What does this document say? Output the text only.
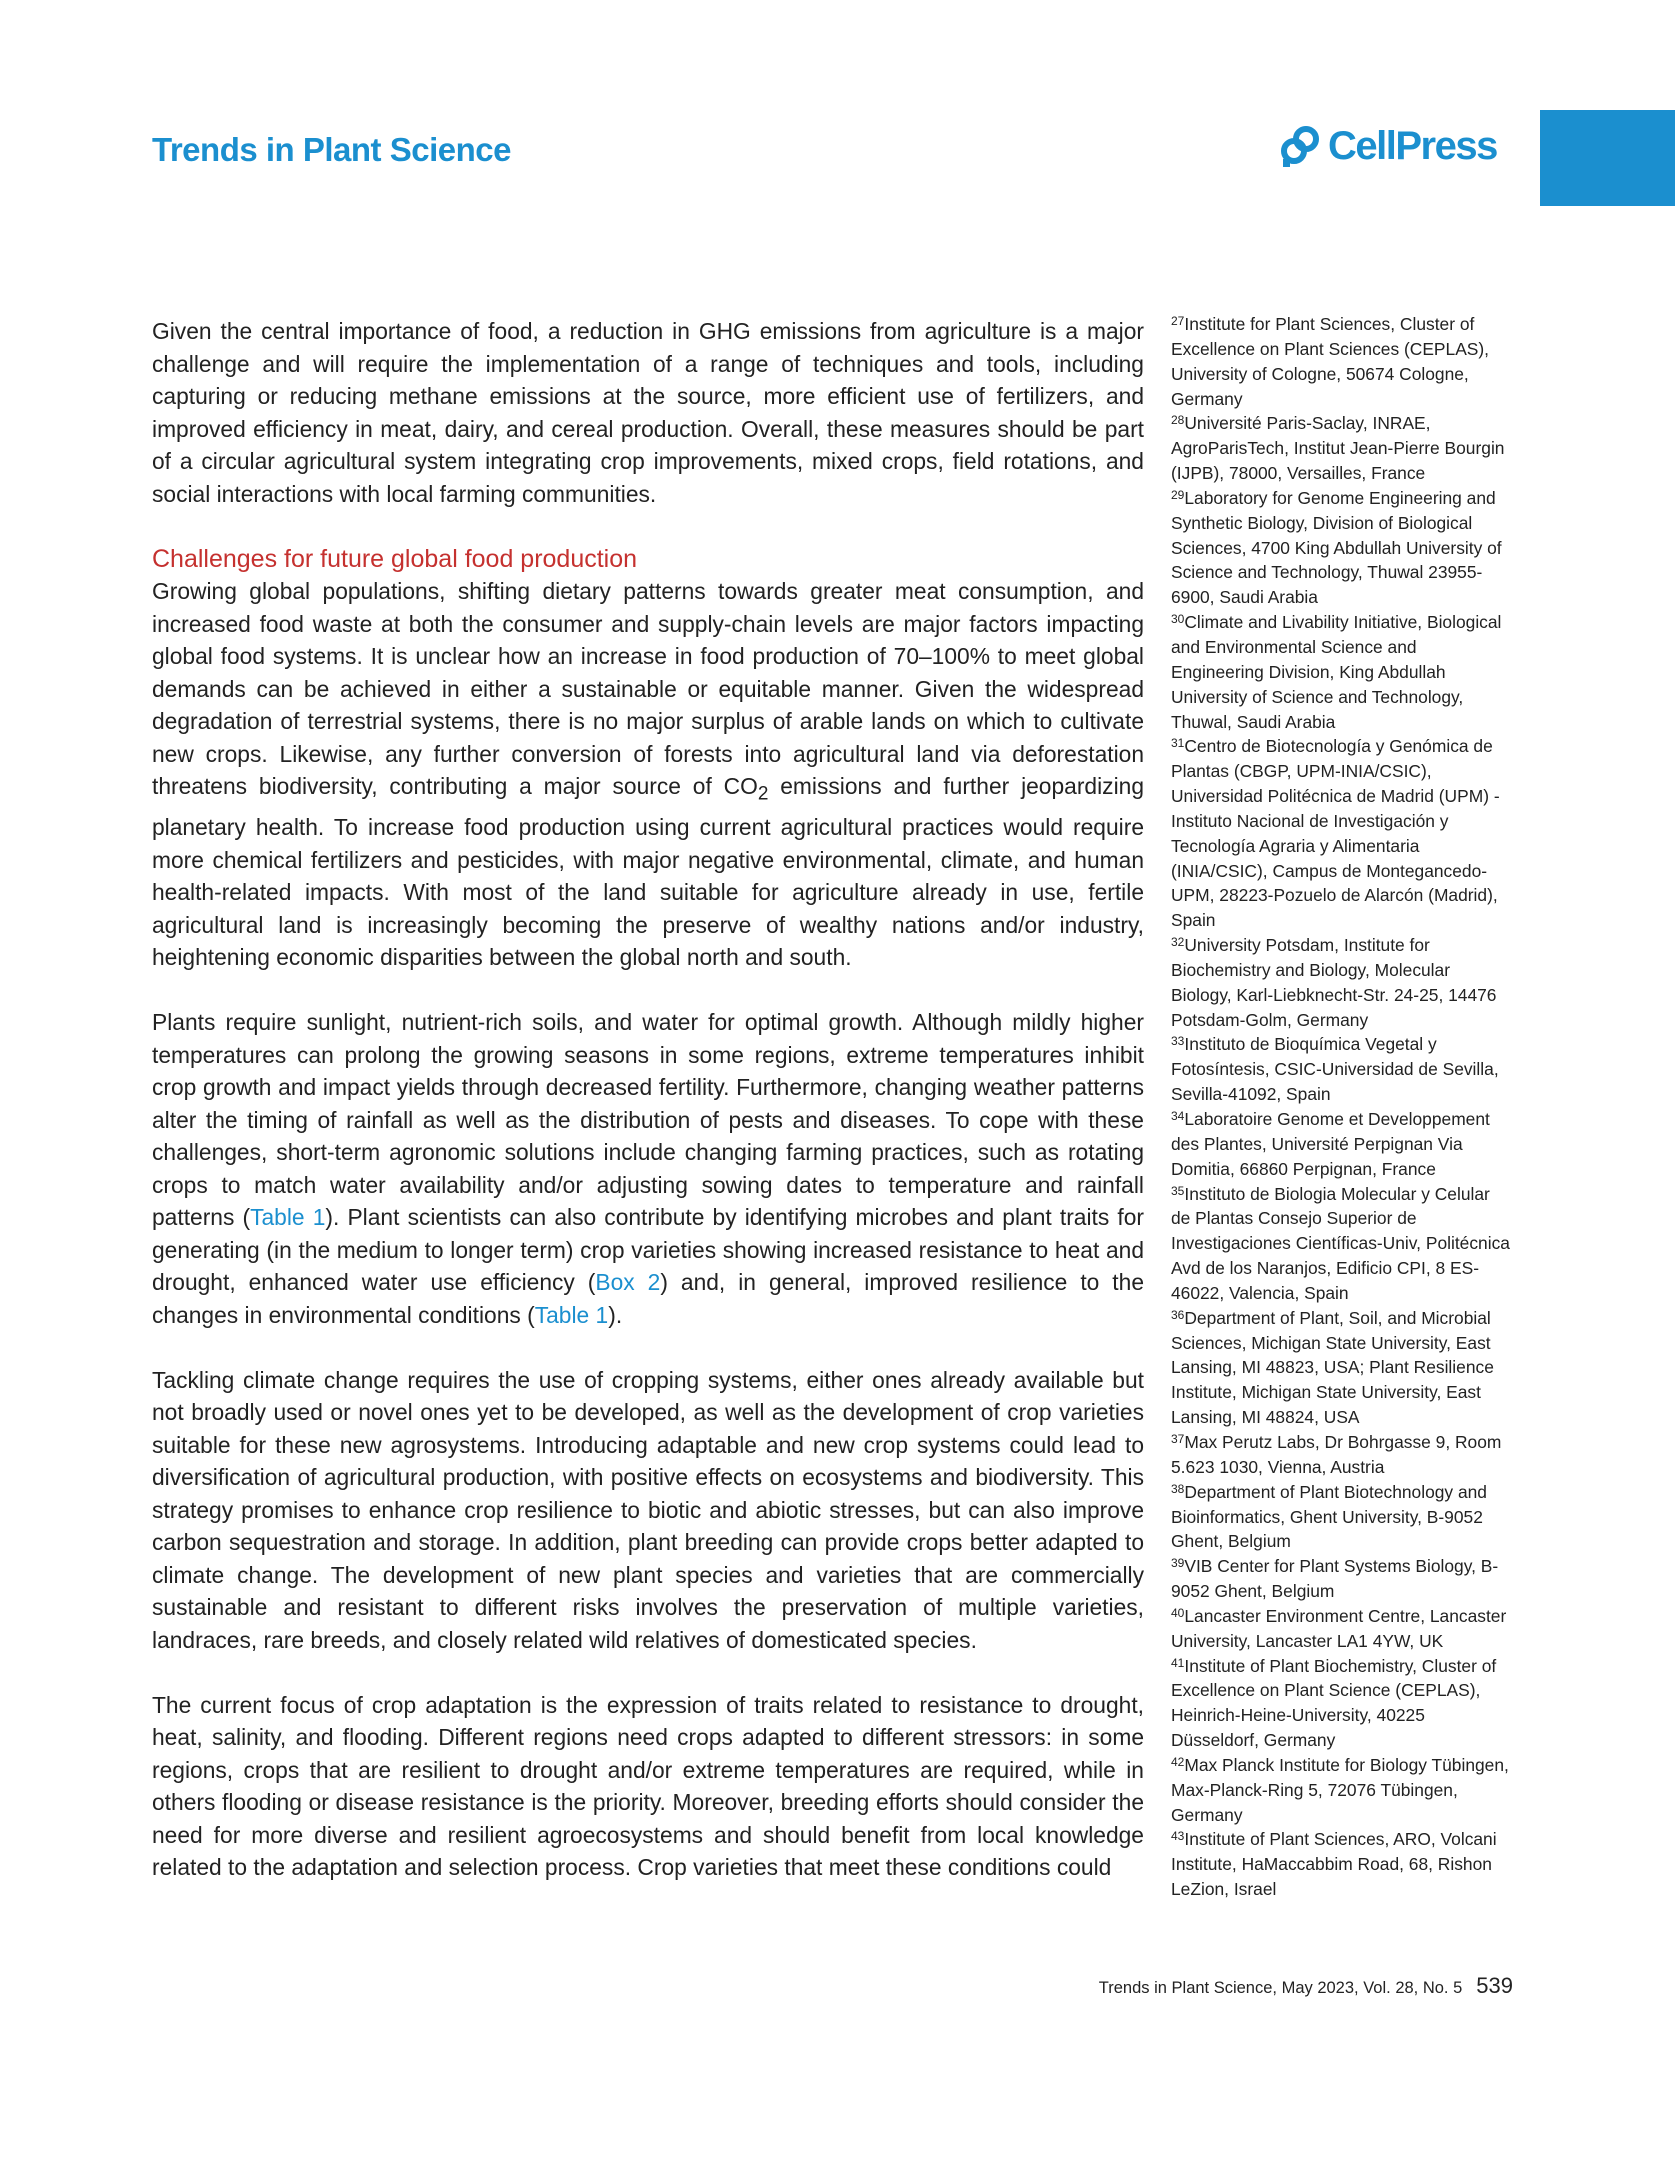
Trends in Plant Science	CellPress

Given the central importance of food, a reduction in GHG emissions from agriculture is a major challenge and will require the implementation of a range of techniques and tools, including capturing or reducing methane emissions at the source, more efficient use of fertilizers, and improved efficiency in meat, dairy, and cereal production. Overall, these measures should be part of a circular agricultural system integrating crop improvements, mixed crops, field rotations, and social interactions with local farming communities.

Challenges for future global food production

Growing global populations, shifting dietary patterns towards greater meat consumption, and increased food waste at both the consumer and supply-chain levels are major factors impacting global food systems. It is unclear how an increase in food production of 70–100% to meet global demands can be achieved in either a sustainable or equitable manner. Given the widespread degradation of terrestrial systems, there is no major surplus of arable lands on which to cultivate new crops. Likewise, any further conversion of forests into agricultural land via deforestation threatens biodiversity, contributing a major source of $CO_2$ emissions and further jeopardizing planetary health. To increase food production using current agricultural practices would require more chemical fertilizers and pesticides, with major negative environmental, climate, and human health-related impacts. With most of the land suitable for agriculture already in use, fertile agricultural land is increasingly becoming the preserve of wealthy nations and/or industry, heightening economic disparities between the global north and south.

Plants require sunlight, nutrient-rich soils, and water for optimal growth. Although mildly higher temperatures can prolong the growing seasons in some regions, extreme temperatures inhibit crop growth and impact yields through decreased fertility. Furthermore, changing weather patterns alter the timing of rainfall as well as the distribution of pests and diseases. To cope with these challenges, short-term agronomic solutions include changing farming practices, such as rotating crops to match water availability and/or adjusting sowing dates to temperature and rainfall patterns (Table 1). Plant scientists can also contribute by identifying microbes and plant traits for generating (in the medium to longer term) crop varieties showing increased resistance to heat and drought, enhanced water use efficiency (Box 2) and, in general, improved resilience to the changes in environmental conditions (Table 1).

Tackling climate change requires the use of cropping systems, either ones already available but not broadly used or novel ones yet to be developed, as well as the development of crop varieties suitable for these new agrosystems. Introducing adaptable and new crop systems could lead to diversification of agricultural production, with positive effects on ecosystems and biodiversity. This strategy promises to enhance crop resilience to biotic and abiotic stresses, but can also improve carbon sequestration and storage. In addition, plant breeding can provide crops better adapted to climate change. The development of new plant species and varieties that are commercially sustainable and resistant to different risks involves the preservation of multiple varieties, landraces, rare breeds, and closely related wild relatives of domesticated species.

The current focus of crop adaptation is the expression of traits related to resistance to drought, heat, salinity, and flooding. Different regions need crops adapted to different stressors: in some regions, crops that are resilient to drought and/or extreme temperatures are required, while in others flooding or disease resistance is the priority. Moreover, breeding efforts should consider the need for more diverse and resilient agroecosystems and should benefit from local knowledge related to the adaptation and selection process. Crop varieties that meet these conditions could

$^{27}$Institute for Plant Sciences, Cluster of Excellence on Plant Sciences (CEPLAS), University of Cologne, 50674 Cologne, Germany

$^{28}$Université Paris-Saclay, INRAE, AgroParisTech, Institut Jean-Pierre Bourgin (IJPB), 78000, Versailles, France

$^{29}$Laboratory for Genome Engineering and Synthetic Biology, Division of Biological Sciences, 4700 King Abdullah University of Science and Technology, Thuwal 23955-6900, Saudi Arabia

$^{30}$Climate and Livability Initiative, Biological and Environmental Science and Engineering Division, King Abdullah University of Science and Technology, Thuwal, Saudi Arabia

$^{31}$Centro de Biotecnología y Genómica de Plantas (CBGP, UPM-INIA/CSIC), Universidad Politécnica de Madrid (UPM) - Instituto Nacional de Investigación y Tecnología Agraria y Alimentaria (INIA/CSIC), Campus de Montegancedo-UPM, 28223-Pozuelo de Alarcón (Madrid), Spain

$^{32}$University Potsdam, Institute for Biochemistry and Biology, Molecular Biology, Karl-Liebknecht-Str. 24-25, 14476 Potsdam-Golm, Germany

$^{33}$Instituto de Bioquímica Vegetal y Fotosíntesis, CSIC-Universidad de Sevilla, Sevilla-41092, Spain

$^{34}$Laboratoire Genome et Developpement des Plantes, Université Perpignan Via Domitia, 66860 Perpignan, France

$^{35}$Instituto de Biologia Molecular y Celular de Plantas Consejo Superior de Investigaciones Científicas-Univ, Politécnica Avd de los Naranjos, Edificio CPI, 8 ES-46022, Valencia, Spain

$^{36}$Department of Plant, Soil, and Microbial Sciences, Michigan State University, East Lansing, MI 48823, USA; Plant Resilience Institute, Michigan State University, East Lansing, MI 48824, USA

$^{37}$Max Perutz Labs, Dr Bohrgasse 9, Room 5.623 1030, Vienna, Austria

$^{38}$Department of Plant Biotechnology and Bioinformatics, Ghent University, B-9052 Ghent, Belgium

$^{39}$VIB Center for Plant Systems Biology, B-9052 Ghent, Belgium

$^{40}$Lancaster Environment Centre, Lancaster University, Lancaster LA1 4YW, UK

$^{41}$Institute of Plant Biochemistry, Cluster of Excellence on Plant Science (CEPLAS), Heinrich-Heine-University, 40225 Düsseldorf, Germany

$^{42}$Max Planck Institute for Biology Tübingen, Max-Planck-Ring 5, 72076 Tübingen, Germany

$^{43}$Institute of Plant Sciences, ARO, Volcani Institute, HaMaccabbim Road, 68, Rishon LeZion, Israel

Trends in Plant Science, May 2023, Vol. 28, No. 5 539
